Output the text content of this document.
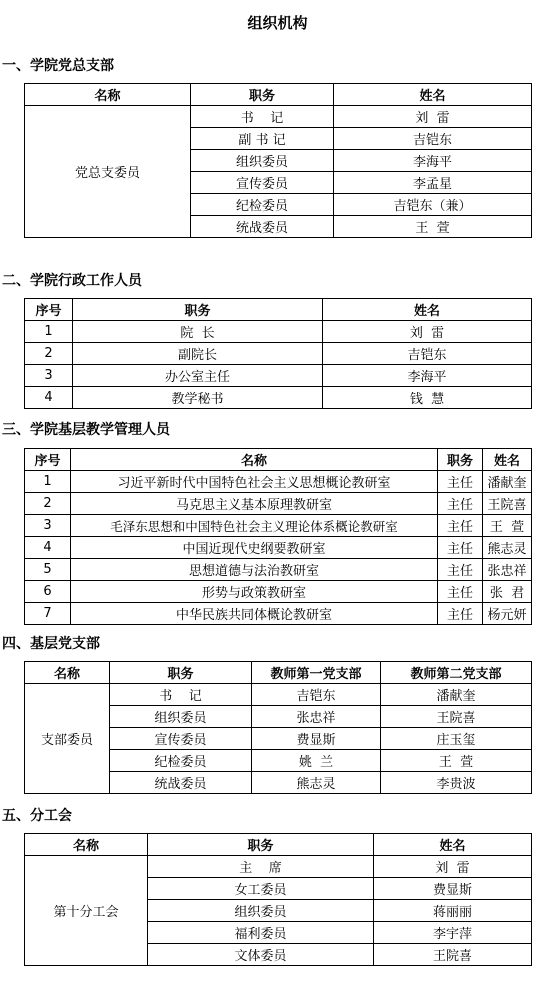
组织机构
一、学院党总支部
名称	职务	姓名
党总支委员	书    记	刘  雷
	副 书 记	吉铠东
	组织委员	李海平
	宣传委员	李孟星
	纪检委员	吉铠东（兼）
	统战委员	王  萱
二、学院行政工作人员
序号	职务	姓名
1	院  长	刘  雷
2	副院长	吉铠东
3	办公室主任	李海平
4	教学秘书	钱  慧
三、学院基层教学管理人员
序号	名称	职务	姓名
1	习近平新时代中国特色社会主义思想概论教研室	主任	潘献奎
2	马克思主义基本原理教研室	主任	王院喜
3	毛泽东思想和中国特色社会主义理论体系概论教研室	主任	王  萱
4	中国近现代史纲要教研室	主任	熊志灵
5	思想道德与法治教研室	主任	张忠祥
6	形势与政策教研室	主任	张  君
7	中华民族共同体概论教研室	主任	杨元妍
四、基层党支部
名称	职务	教师第一党支部	教师第二党支部
支部委员	书    记	吉铠东	潘献奎
	组织委员	张忠祥	王院喜
	宣传委员	费显斯	庄玉玺
	纪检委员	姚  兰	王  萱
	统战委员	熊志灵	李贵波
五、分工会
名称	职务	姓名
第十分工会	主    席	刘  雷
	女工委员	费显斯
	组织委员	蒋丽丽
	福利委员	李宇萍
	文体委员	王院喜
